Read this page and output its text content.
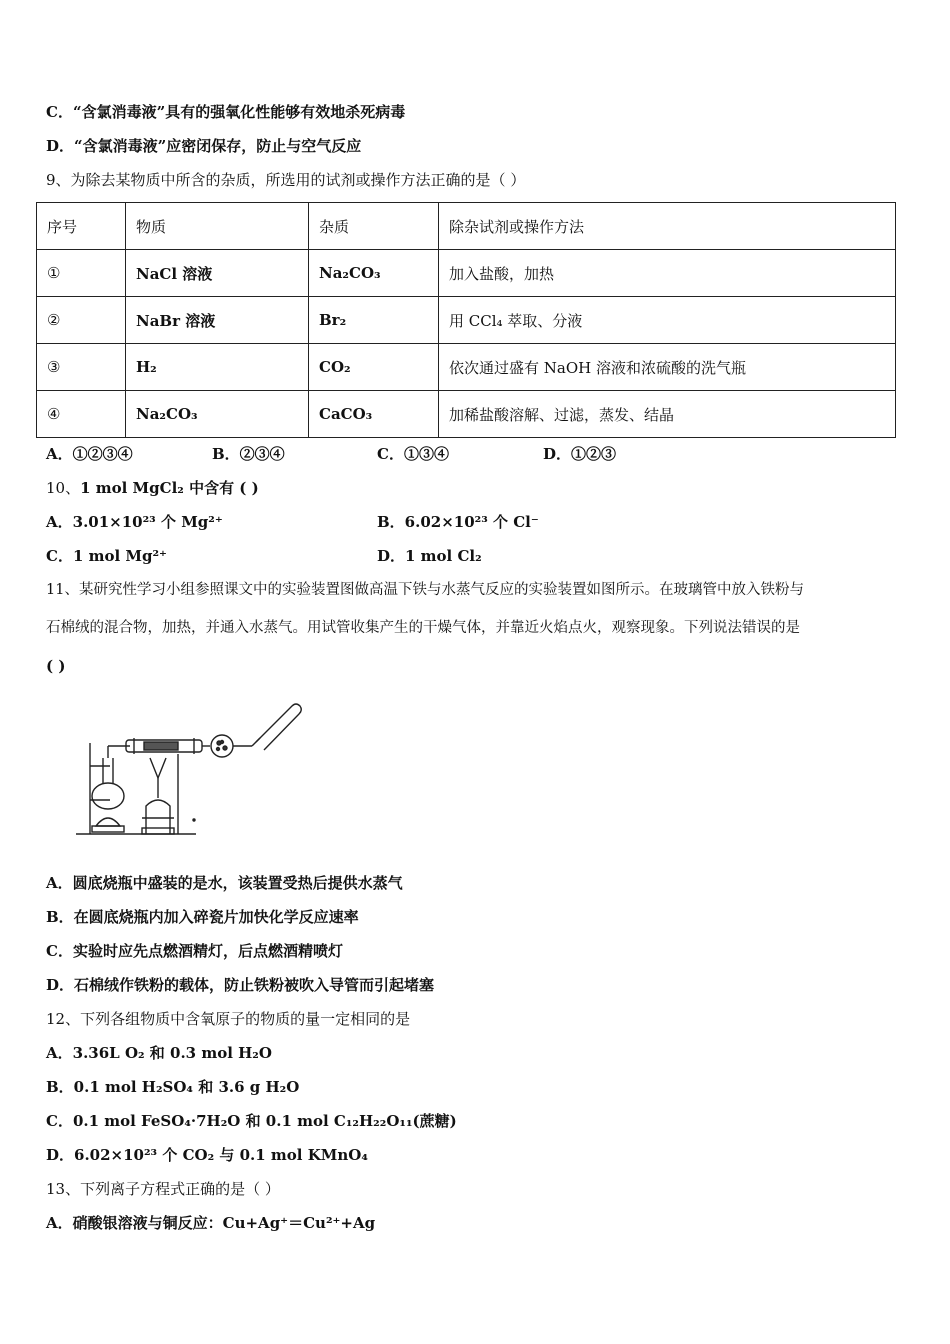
C．“含氯消毒液”具有的强氧化性能够有效地杀死病毒
D．“含氯消毒液”应密闭保存，防止与空气反应
9、为除去某物质中所含的杂质，所选用的试剂或操作方法正确的是（ ）
序号	物质	杂质	除杂试剂或操作方法
①	NaCl 溶液	Na₂CO₃	加入盐酸，加热
②	NaBr 溶液	Br₂	用 CCl₄ 萃取、分液
③	H₂	CO₂	依次通过盛有 NaOH 溶液和浓硫酸的洗气瓶
④	Na₂CO₃	CaCO₃	加稀盐酸溶解、过滤，蒸发、结晶
A．①②③④	B．②③④	C．①③④	D．①②③
10、1 mol MgCl₂ 中含有 ( )
A．3.01×10²³ 个 Mg²⁺	B．6.02×10²³ 个 Cl⁻
C．1 mol Mg²⁺	D．1 mol Cl₂
11、某研究性学习小组参照课文中的实验装置图做高温下铁与水蒸气反应的实验装置如图所示。在玻璃管中放入铁粉与
石棉绒的混合物，加热，并通入水蒸气。用试管收集产生的干燥气体，并靠近火焰点火，观察现象。下列说法错误的是
( )
A．圆底烧瓶中盛装的是水，该装置受热后提供水蒸气
B．在圆底烧瓶内加入碎瓷片加快化学反应速率
C．实验时应先点燃酒精灯，后点燃酒精喷灯
D．石棉绒作铁粉的载体，防止铁粉被吹入导管而引起堵塞
12、下列各组物质中含氧原子的物质的量一定相同的是
A．3.36L O₂ 和 0.3 mol H₂O
B．0.1 mol H₂SO₄ 和 3.6 g H₂O
C．0.1 mol FeSO₄·7H₂O 和 0.1 mol C₁₂H₂₂O₁₁(蔗糖)
D．6.02×10²³ 个 CO₂ 与 0.1 mol KMnO₄
13、下列离子方程式正确的是（ ）
A．硝酸银溶液与铜反应：Cu+Ag⁺＝Cu²⁺+Ag
